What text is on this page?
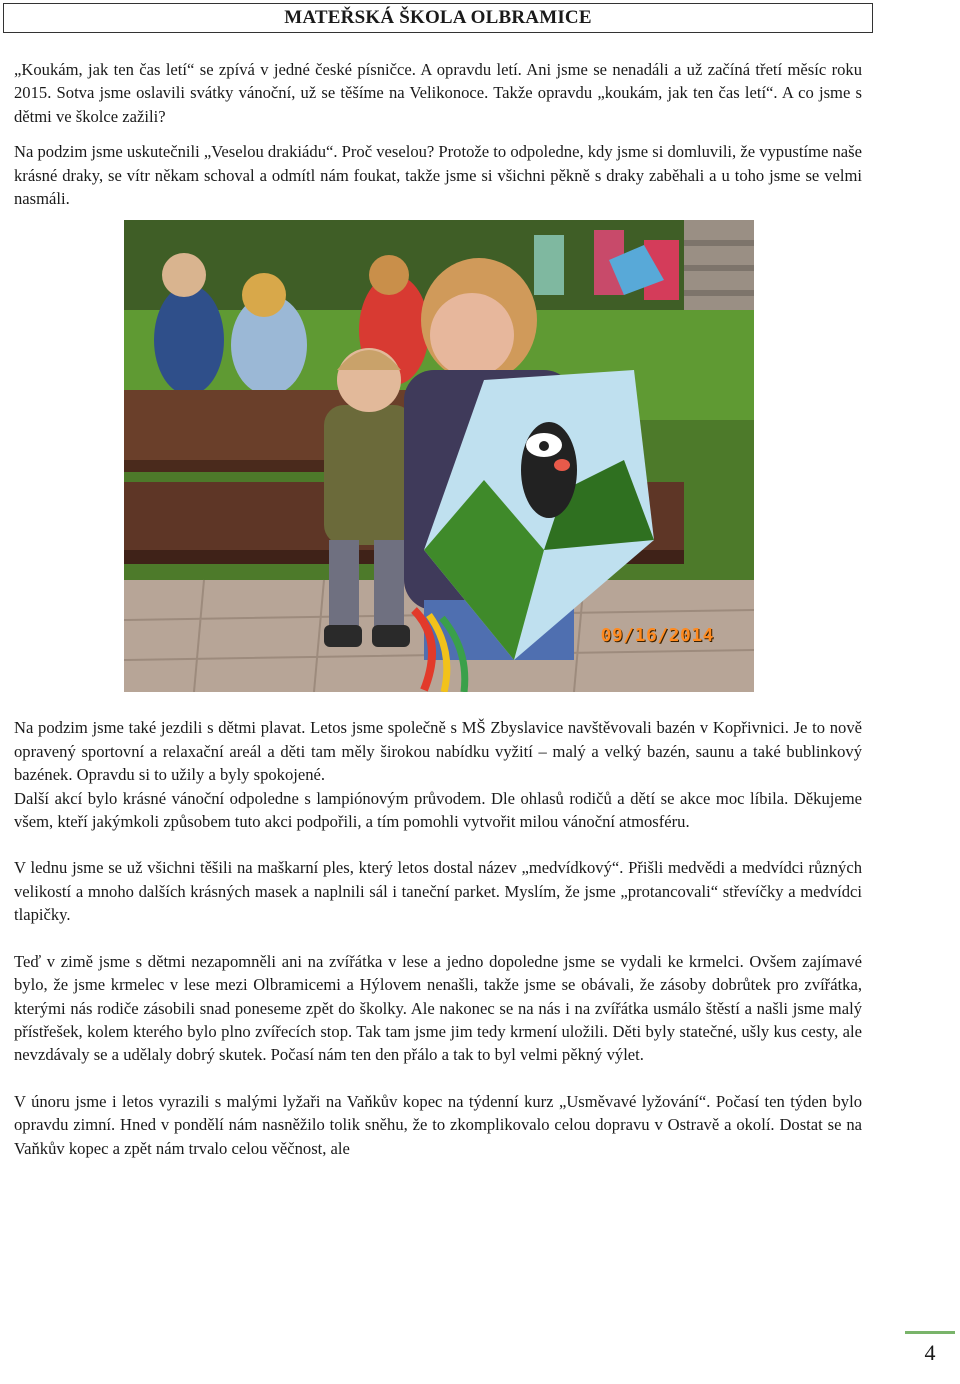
MATEŘSKÁ ŠKOLA OLBRAMICE

„Koukám, jak ten čas letí“ se zpívá v jedné české písničce. A opravdu letí. Ani jsme se nenadáli a už začíná třetí měsíc roku 2015. Sotva jsme oslavili svátky vánoční, už se těšíme na Velikonoce. Takže opravdu „koukám, jak ten čas letí“. A co jsme s dětmi ve školce zažili?

Na podzim jsme uskutečnili „Veselou drakiádu“. Proč veselou? Protože to odpoledne, kdy jsme si domluvili, že vypustíme naše krásné draky, se vítr někam schoval a odmítl nám foukat, takže jsme si všichni pěkně s draky zaběhali a u toho jsme se velmi nasmáli.

09/16/2014

Na podzim jsme také jezdili s dětmi plavat. Letos jsme společně s MŠ Zbyslavice navštěvovali bazén v Kopřivnici. Je to nově opravený sportovní a relaxační areál a děti tam měly širokou nabídku vyžití – malý a velký bazén, saunu a také bublinkový bazének. Opravdu si to užily a byly spokojené.

Další akcí bylo krásné vánoční odpoledne s lampiónovým průvodem. Dle ohlasů rodičů a dětí se akce moc líbila. Děkujeme všem, kteří jakýmkoli způsobem tuto akci podpořili, a tím pomohli vytvořit milou vánoční atmosféru.

V lednu jsme se už všichni těšili na maškarní ples, který letos dostal název „medvídkový“. Přišli medvědi a medvídci různých velikostí a mnoho dalších krásných masek a naplnili sál i taneční parket. Myslím, že jsme „protancovali“ střevíčky a medvídci tlapičky.

Teď v zimě jsme s dětmi nezapomněli ani na zvířátka v lese a jedno dopoledne jsme se vydali ke krmelci. Ovšem zajímavé bylo, že jsme krmelec v lese mezi Olbramicemi a Hýlovem nenašli, takže jsme se obávali, že zásoby dobrůtek pro zvířátka, kterými nás rodiče zásobili snad poneseme zpět do školky. Ale nakonec se na nás i na zvířátka usmálo štěstí a našli jsme malý přístřešek, kolem kterého bylo plno zvířecích stop. Tak tam jsme jim tedy krmení uložili. Děti byly statečné, ušly kus cesty, ale nevzdávaly se a udělaly dobrý skutek. Počasí nám ten den přálo a tak to byl velmi pěkný výlet.

V únoru jsme i letos vyrazili s malými lyžaři na Vaňkův kopec na týdenní kurz „Usměvavé lyžování“. Počasí ten týden bylo opravdu zimní. Hned v pondělí nám nasněžilo tolik sněhu, že to zkomplikovalo celou dopravu v Ostravě a okolí. Dostat se na Vaňkův kopec a zpět nám trvalo celou věčnost, ale

4
